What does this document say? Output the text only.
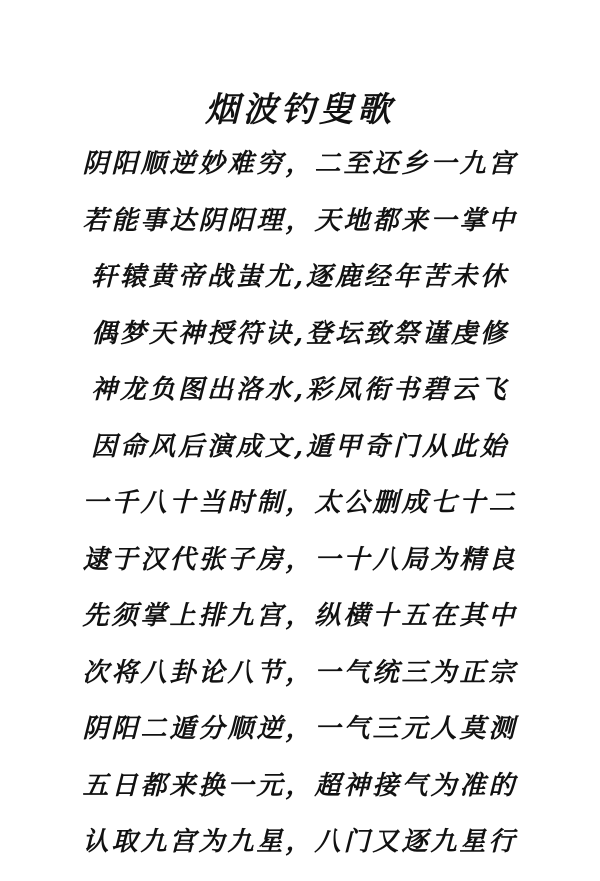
烟波钓叟歌
阴阳顺逆妙难穷，二至还乡一九宫
若能事达阴阳理，天地都来一掌中
轩辕黄帝战蚩尤,逐鹿经年苦未休
偶梦天神授符诀,登坛致祭谨虔修
神龙负图出洛水,彩凤衔书碧云飞
因命风后演成文,遁甲奇门从此始
一千八十当时制，太公删成七十二
逮于汉代张子房，一十八局为精良
先须掌上排九宫，纵横十五在其中
次将八卦论八节，一气统三为正宗
阴阳二遁分顺逆，一气三元人莫测
五日都来换一元，超神接气为准的
认取九宫为九星，八门又逐九星行
